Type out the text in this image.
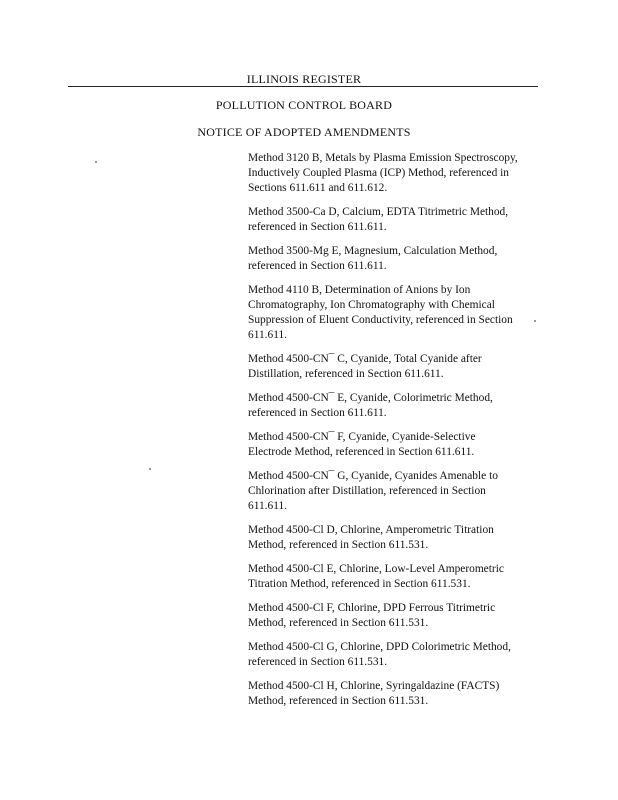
ILLINOIS REGISTER
POLLUTION CONTROL BOARD
NOTICE OF ADOPTED AMENDMENTS

Method 3120 B, Metals by Plasma Emission Spectroscopy,
Inductively Coupled Plasma (ICP) Method, referenced in
Sections 611.611 and 611.612.

Method 3500-Ca D, Calcium, EDTA Titrimetric Method,
referenced in Section 611.611.

Method 3500-Mg E, Magnesium, Calculation Method,
referenced in Section 611.611.

Method 4110 B, Determination of Anions by Ion
Chromatography, Ion Chromatography with Chemical
Suppression of Eluent Conductivity, referenced in Section
611.611.

Method 4500-CN¯ C, Cyanide, Total Cyanide after
Distillation, referenced in Section 611.611.

Method 4500-CN¯ E, Cyanide, Colorimetric Method,
referenced in Section 611.611.

Method 4500-CN¯ F, Cyanide, Cyanide-Selective
Electrode Method, referenced in Section 611.611.

Method 4500-CN¯ G, Cyanide, Cyanides Amenable to
Chlorination after Distillation, referenced in Section
611.611.

Method 4500-Cl D, Chlorine, Amperometric Titration
Method, referenced in Section 611.531.

Method 4500-Cl E, Chlorine, Low-Level Amperometric
Titration Method, referenced in Section 611.531.

Method 4500-Cl F, Chlorine, DPD Ferrous Titrimetric
Method, referenced in Section 611.531.

Method 4500-Cl G, Chlorine, DPD Colorimetric Method,
referenced in Section 611.531.

Method 4500-Cl H, Chlorine, Syringaldazine (FACTS)
Method, referenced in Section 611.531.
